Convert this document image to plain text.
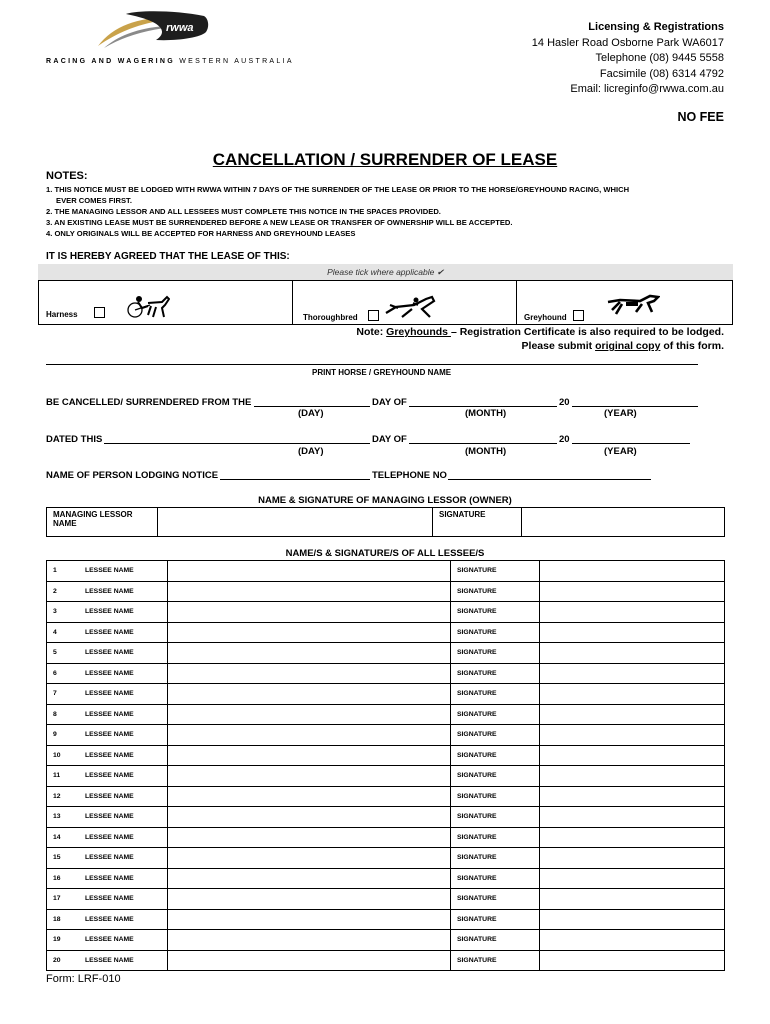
rwwa
RACING AND WAGERING WESTERN AUSTRALIA
Licensing & Registrations
14 Hasler Road Osborne Park WA6017
Telephone (08) 9445 5558
Facsimile (08) 6314 4792
Email: licreginfo@rwwa.com.au
NO FEE
CANCELLATION / SURRENDER OF LEASE
NOTES:
1. THIS NOTICE MUST BE LODGED WITH RWWA WITHIN 7 DAYS OF THE SURRENDER OF THE LEASE OR PRIOR TO THE HORSE/GREYHOUND RACING, WHICH
EVER COMES FIRST.
2. THE MANAGING LESSOR AND ALL LESSEES MUST COMPLETE THIS NOTICE IN THE SPACES PROVIDED.
3. AN EXISTING LEASE MUST BE SURRENDERED BEFORE A NEW LEASE OR TRANSFER OF OWNERSHIP WILL BE ACCEPTED.
4. ONLY ORIGINALS WILL BE ACCEPTED FOR HARNESS AND GREYHOUND LEASES
IT IS HEREBY AGREED THAT THE LEASE OF THIS:
Please tick where applicable ✔
Harness	Thoroughbred	Greyhound
Note: Greyhounds – Registration Certificate is also required to be lodged.
Please submit original copy of this form.
PRINT HORSE / GREYHOUND NAME
BE CANCELLED/ SURRENDERED FROM THE	DAY OF	20
(DAY)	(MONTH)	(YEAR)
DATED THIS	DAY OF	20
(DAY)	(MONTH)	(YEAR)
NAME OF PERSON LODGING NOTICE	TELEPHONE NO
NAME & SIGNATURE OF MANAGING LESSOR (OWNER)
MANAGING LESSOR
NAME		SIGNATURE	
NAME/S & SIGNATURE/S OF ALL LESSEE/S
1	LESSEE NAME		SIGNATURE	
2	LESSEE NAME		SIGNATURE	
3	LESSEE NAME		SIGNATURE	
4	LESSEE NAME		SIGNATURE	
5	LESSEE NAME		SIGNATURE	
6	LESSEE NAME		SIGNATURE	
7	LESSEE NAME		SIGNATURE	
8	LESSEE NAME		SIGNATURE	
9	LESSEE NAME		SIGNATURE	
10	LESSEE NAME		SIGNATURE	
11	LESSEE NAME		SIGNATURE	
12	LESSEE NAME		SIGNATURE	
13	LESSEE NAME		SIGNATURE	
14	LESSEE NAME		SIGNATURE	
15	LESSEE NAME		SIGNATURE	
16	LESSEE NAME		SIGNATURE	
17	LESSEE NAME		SIGNATURE	
18	LESSEE NAME		SIGNATURE	
19	LESSEE NAME		SIGNATURE	
20	LESSEE NAME		SIGNATURE	
Form: LRF-010
